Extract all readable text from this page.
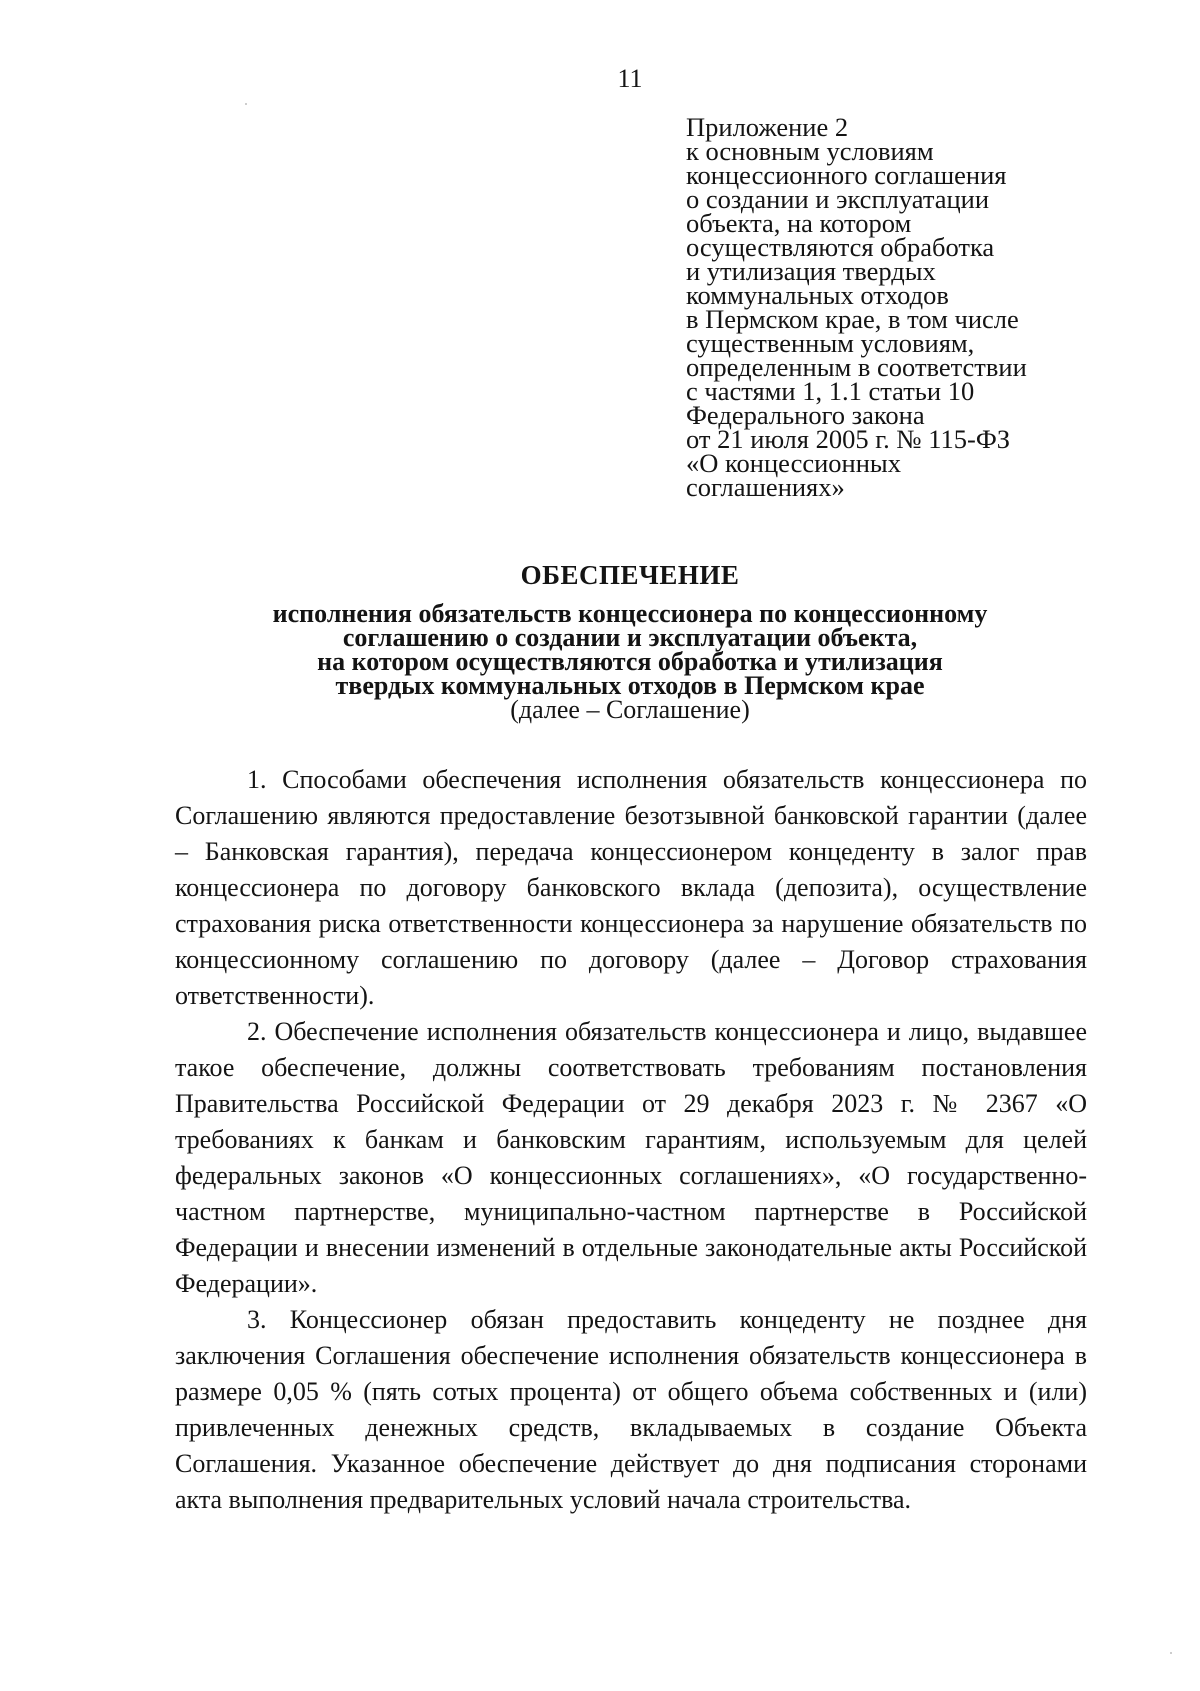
11
Приложение 2
к основным условиям
концессионного соглашения
о создании и эксплуатации
объекта, на котором
осуществляются обработка
и утилизация твердых
коммунальных отходов
в Пермском крае, в том числе
существенным условиям,
определенным в соответствии
с частями 1, 1.1 статьи 10
Федерального закона
от 21 июля 2005 г. № 115-ФЗ
«О концессионных
соглашениях»
ОБЕСПЕЧЕНИЕ
исполнения обязательств концессионера по концессионному
соглашению о создании и эксплуатации объекта,
на котором осуществляются обработка и утилизация
твердых коммунальных отходов в Пермском крае
(далее – Соглашение)

1. Способами обеспечения исполнения обязательств концессионера по Соглашению являются предоставление безотзывной банковской гарантии (далее – Банковская гарантия), передача концессионером концеденту в залог прав концессионера по договору банковского вклада (депозита), осуществление страхования риска ответственности концессионера за нарушение обязательств по концессионному соглашению по договору (далее – Договор страхования ответственности).

2. Обеспечение исполнения обязательств концессионера и лицо, выдавшее такое обеспечение, должны соответствовать требованиям постановления Правительства Российской Федерации от 29 декабря 2023 г. № 2367 «О требованиях к банкам и банковским гарантиям, используемым для целей федеральных законов «О концессионных соглашениях», «О государственно-частном партнерстве, муниципально-частном партнерстве в Российской Федерации и внесении изменений в отдельные законодательные акты Российской Федерации».

3. Концессионер обязан предоставить концеденту не позднее дня заключения Соглашения обеспечение исполнения обязательств концессионера в размере 0,05 % (пять сотых процента) от общего объема собственных и (или) привлеченных денежных средств, вкладываемых в создание Объекта Соглашения. Указанное обеспечение действует до дня подписания сторонами акта выполнения предварительных условий начала строительства.
